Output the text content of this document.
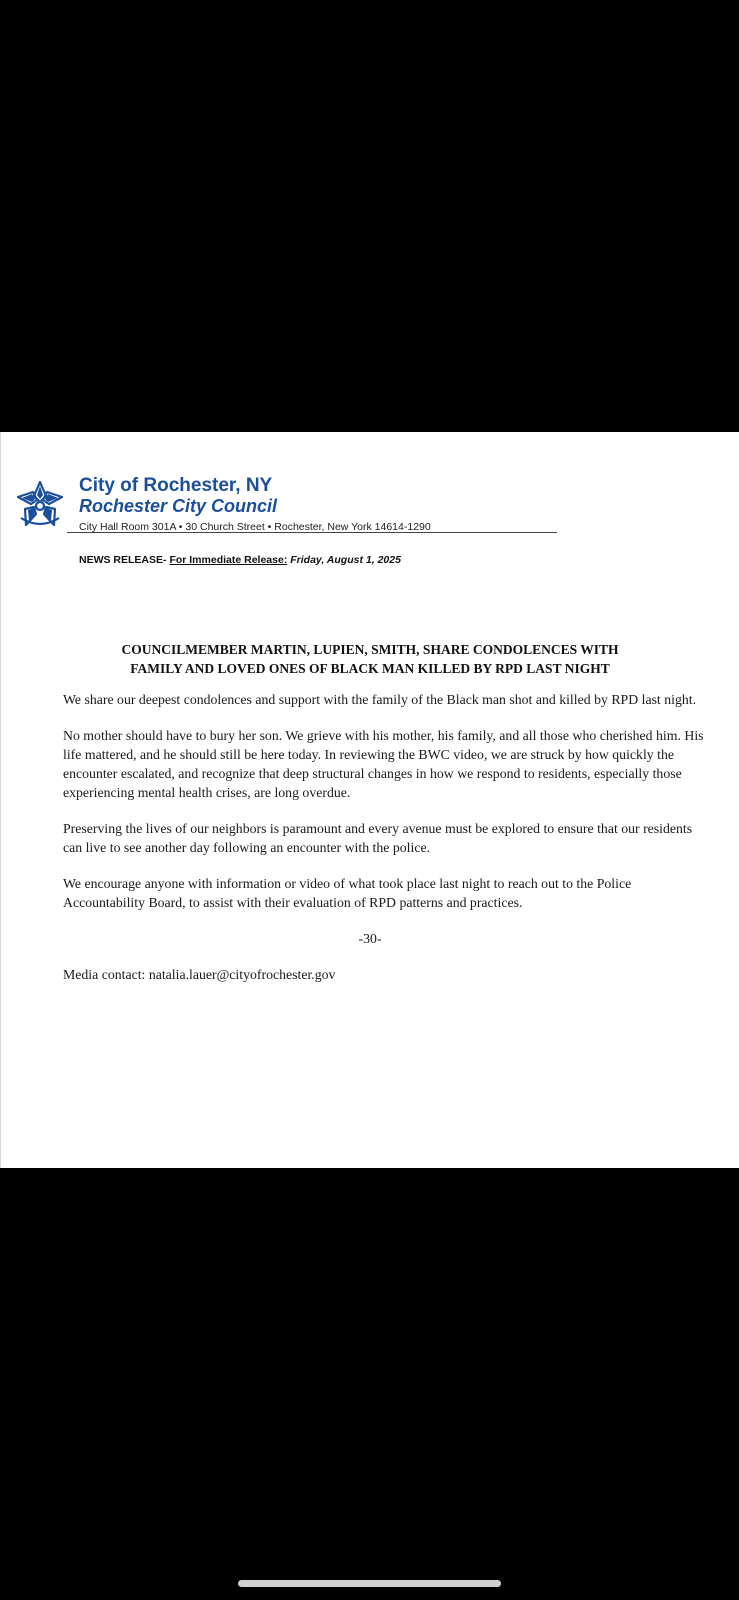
City of Rochester, NY
Rochester City Council
City Hall Room 301A • 30 Church Street • Rochester, New York 14614-1290
NEWS RELEASE- For Immediate Release: Friday, August 1, 2025
COUNCILMEMBER MARTIN, LUPIEN, SMITH, SHARE CONDOLENCES WITH
FAMILY AND LOVED ONES OF BLACK MAN KILLED BY RPD LAST NIGHT

We share our deepest condolences and support with the family of the Black man shot and killed by RPD last night.

No mother should have to bury her son. We grieve with his mother, his family, and all those who cherished him. His life mattered, and he should still be here today. In reviewing the BWC video, we are struck by how quickly the encounter escalated, and recognize that deep structural changes in how we respond to residents, especially those experiencing mental health crises, are long overdue.

Preserving the lives of our neighbors is paramount and every avenue must be explored to ensure that our residents can live to see another day following an encounter with the police.

We encourage anyone with information or video of what took place last night to reach out to the Police Accountability Board, to assist with their evaluation of RPD patterns and practices.

-30-
Media contact: natalia.lauer@cityofrochester.gov
